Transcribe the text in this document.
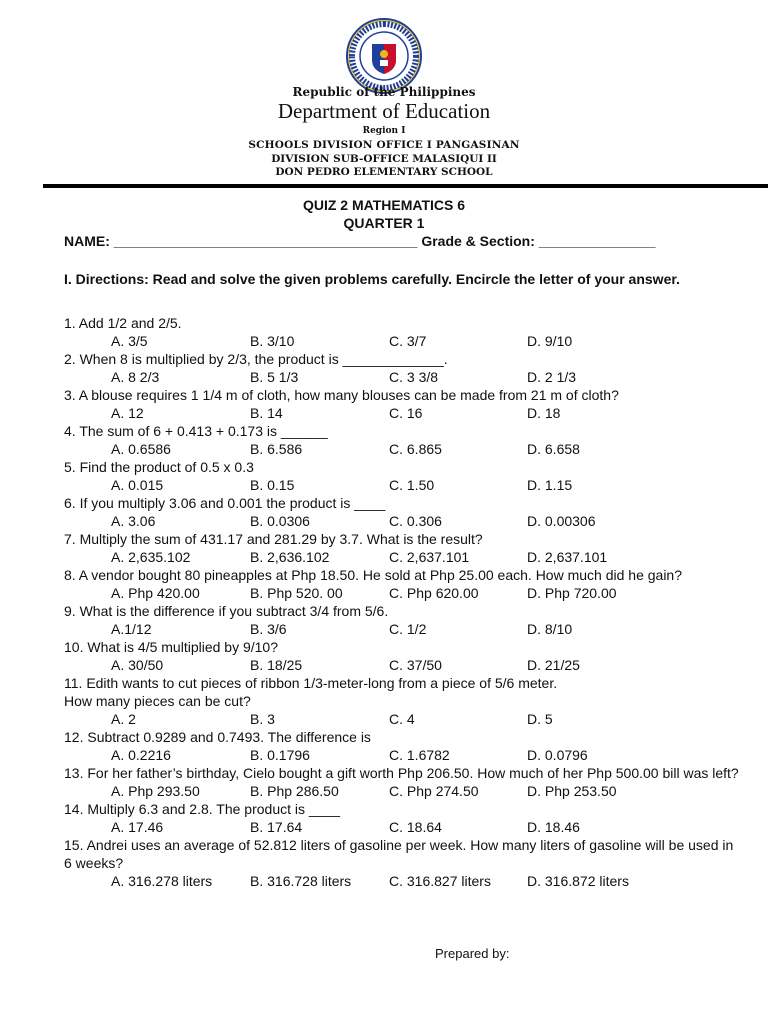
Republic of the Philippines
Department of Education
Region I
SCHOOLS DIVISION OFFICE I PANGASINAN
DIVISION SUB-OFFICE MALASIQUI II
DON PEDRO ELEMENTARY SCHOOL
QUIZ 2 MATHEMATICS 6
QUARTER 1
NAME: _______________________________________ Grade & Section: _______________
I. Directions: Read and solve the given problems carefully. Encircle the letter of your answer.
1. Add 1/2 and 2/5.
A. 3/5	B. 3/10	C. 3/7	D. 9/10
2. When 8 is multiplied by 2/3, the product is _____________.
A. 8 2/3	B. 5 1/3	C. 3 3/8	D. 2 1/3
3. A blouse requires 1 1/4 m of cloth, how many blouses can be made from 21 m of cloth?
A. 12	B. 14	C. 16	D. 18
4. The sum of 6 + 0.413 + 0.173 is ______
A. 0.6586	B. 6.586	C. 6.865	D. 6.658
5. Find the product of 0.5 x 0.3
A. 0.015	B. 0.15	C. 1.50	D. 1.15
6. If you multiply 3.06 and 0.001 the product is ____
A. 3.06	B. 0.0306	C. 0.306	D. 0.00306
7. Multiply the sum of 431.17 and 281.29 by 3.7. What is the result?
A. 2,635.102	B. 2,636.102	C. 2,637.101	D. 2,637.101
8. A vendor bought 80 pineapples at Php 18.50. He sold at Php 25.00 each. How much did he gain?
A. Php 420.00	B. Php 520. 00	C. Php 620.00	D. Php 720.00
9. What is the difference if you subtract 3/4 from 5/6.
A.1/12	B. 3/6	C. 1/2	D. 8/10
10. What is 4/5 multiplied by 9/10?
A. 30/50	B. 18/25	C. 37/50	D. 21/25
11. Edith wants to cut pieces of ribbon 1/3-meter-long from a piece of 5/6 meter.
How many pieces can be cut?
A. 2	B. 3	C. 4	D. 5
12. Subtract 0.9289 and 0.7493. The difference is
A. 0.2216	B. 0.1796	C. 1.6782	D. 0.0796
13. For her father’s birthday, Cielo bought a gift worth Php 206.50. How much of her Php 500.00 bill was left?
A. Php 293.50	B. Php 286.50	C. Php 274.50	D. Php 253.50
14. Multiply 6.3 and 2.8. The product is ____
A. 17.46	B. 17.64	C. 18.64	D. 18.46
15. Andrei uses an average of 52.812 liters of gasoline per week. How many liters of gasoline will be used in 6 weeks?
A. 316.278 liters	B. 316.728 liters	C. 316.827 liters	D. 316.872 liters
Prepared by:
